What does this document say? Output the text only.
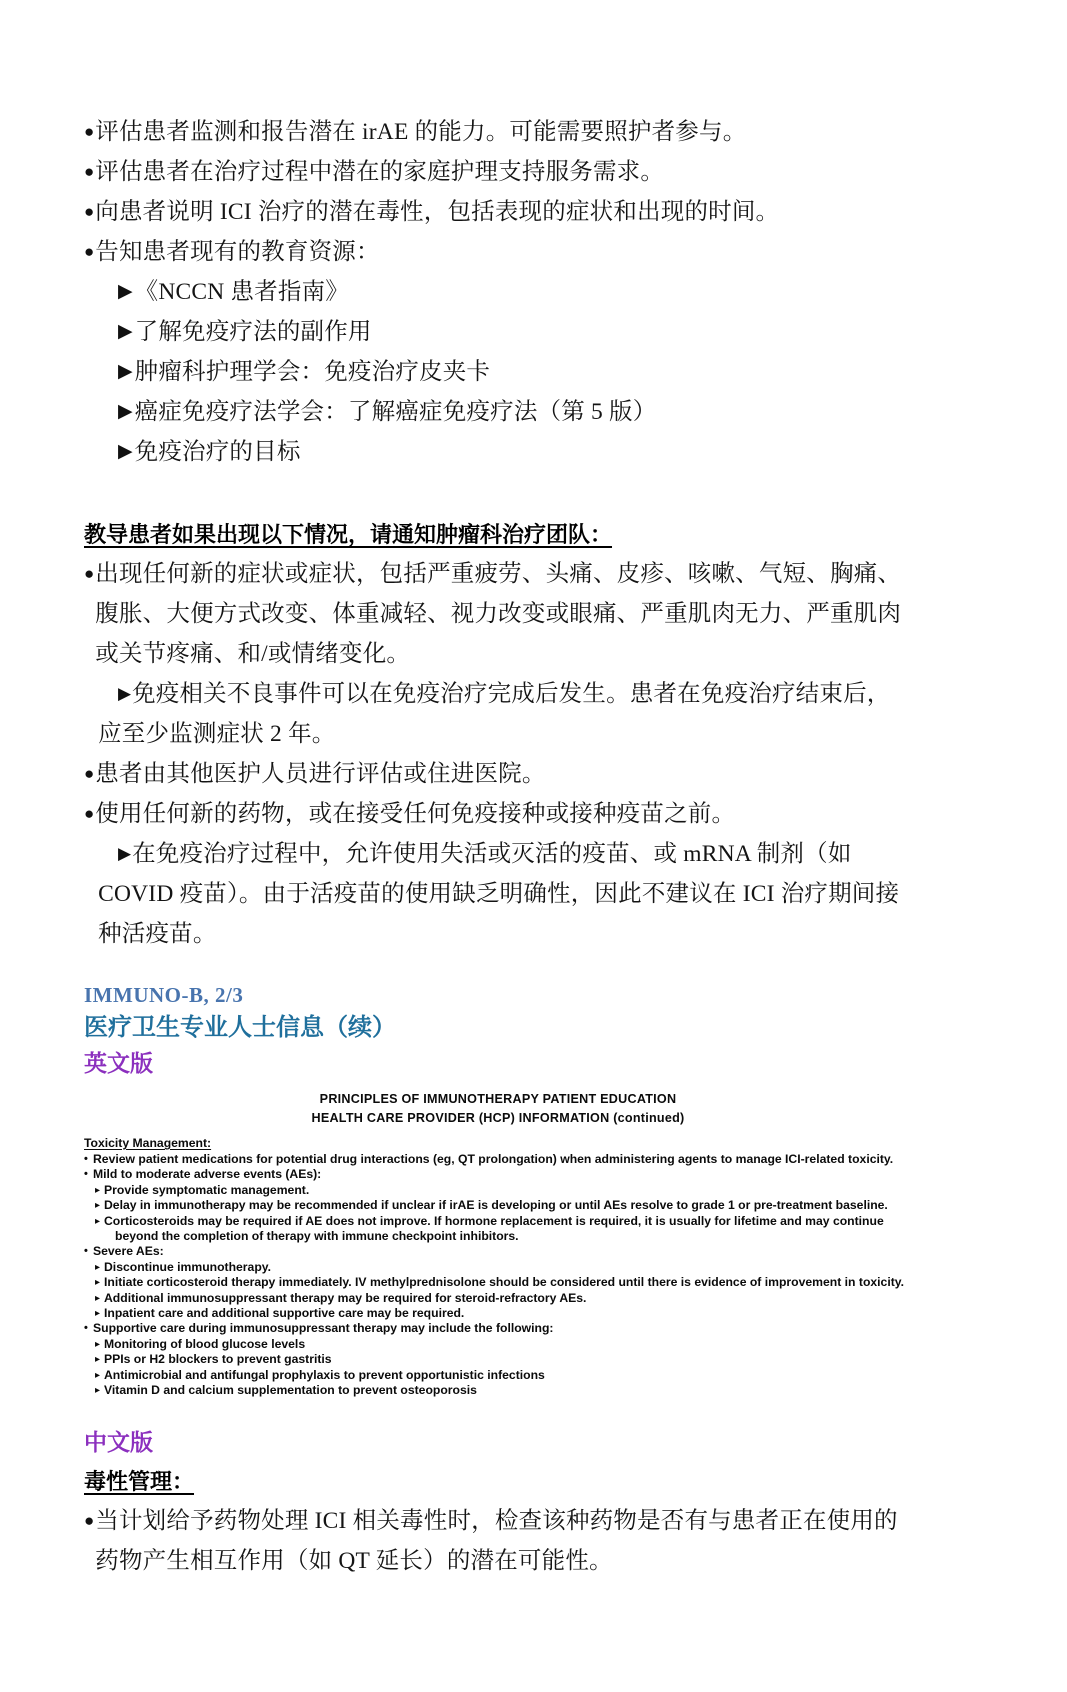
● 评估患者监测和报告潜在 irAE 的能力。可能需要照护者参与。
● 评估患者在治疗过程中潜在的家庭护理支持服务需求。
● 向患者说明 ICI 治疗的潜在毒性，包括表现的症状和出现的时间。
● 告知患者现有的教育资源：
▶ 《NCCN 患者指南》
▶ 了解免疫疗法的副作用
▶ 肿瘤科护理学会：免疫治疗皮夹卡
▶ 癌症免疫疗法学会：了解癌症免疫疗法（第 5 版）
▶ 免疫治疗的目标
教导患者如果出现以下情况，请通知肿瘤科治疗团队：
● 出现任何新的症状或症状，包括严重疲劳、头痛、皮疹、咳嗽、气短、胸痛、腹胀、大便方式改变、体重减轻、视力改变或眼痛、严重肌肉无力、严重肌肉或关节疼痛、和/或情绪变化。
▶ 免疫相关不良事件可以在免疫治疗完成后发生。患者在免疫治疗结束后，应至少监测症状 2 年。
● 患者由其他医护人员进行评估或住进医院。
● 使用任何新的药物，或在接受任何免疫接种或接种疫苗之前。
▶ 在免疫治疗过程中，允许使用失活或灭活的疫苗、或 mRNA 制剂（如 COVID 疫苗）。由于活疫苗的使用缺乏明确性，因此不建议在 ICI 治疗期间接种活疫苗。
IMMUNO-B, 2/3
医疗卫生专业人士信息（续）
英文版
PRINCIPLES OF IMMUNOTHERAPY PATIENT EDUCATION
HEALTH CARE PROVIDER (HCP) INFORMATION (continued)
Toxicity Management:
• Review patient medications for potential drug interactions (eg, QT prolongation) when administering agents to manage ICI-related toxicity.
• Mild to moderate adverse events (AEs):
▸ Provide symptomatic management.
▸ Delay in immunotherapy may be recommended if unclear if irAE is developing or until AEs resolve to grade 1 or pre-treatment baseline.
▸ Corticosteroids may be required if AE does not improve. If hormone replacement is required, it is usually for lifetime and may continue
beyond the completion of therapy with immune checkpoint inhibitors.
• Severe AEs:
▸ Discontinue immunotherapy.
▸ Initiate corticosteroid therapy immediately. IV methylprednisolone should be considered until there is evidence of improvement in toxicity.
▸ Additional immunosuppressant therapy may be required for steroid-refractory AEs.
▸ Inpatient care and additional supportive care may be required.
• Supportive care during immunosuppressant therapy may include the following:
▸ Monitoring of blood glucose levels
▸ PPIs or H2 blockers to prevent gastritis
▸ Antimicrobial and antifungal prophylaxis to prevent opportunistic infections
▸ Vitamin D and calcium supplementation to prevent osteoporosis
中文版
毒性管理：
● 当计划给予药物处理 ICI 相关毒性时，检查该种药物是否有与患者正在使用的药物产生相互作用（如 QT 延长）的潜在可能性。
